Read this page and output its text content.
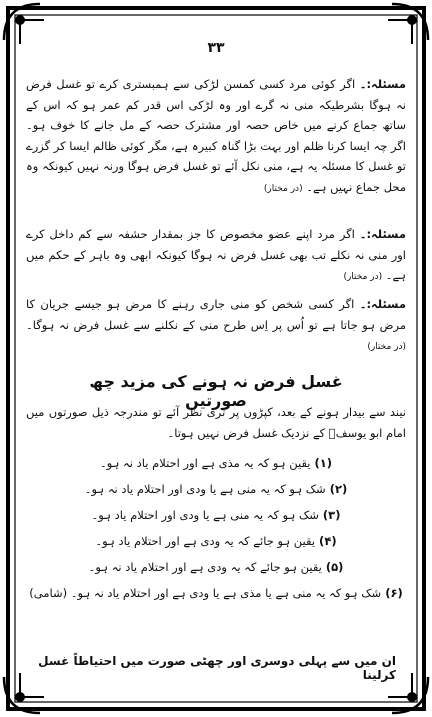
۳۳
مسئلہ:۔ اگر کوئی مرد کسی کمسن لڑکی سے ہمبستری کرے تو غسل فرض نہ ہوگا بشرطیکہ منی نہ گرے اور وہ لڑکی اس قدر کم عمر ہو کہ اس کے ساتھ جماع کرنے میں خاص حصہ اور مشترک حصہ کے مل جانے کا خوف ہو۔ اگر چہ ایسا کرنا ظلم اور بہت بڑا گناہ کبیرہ ہے، مگر کوئی ظالم ایسا کر گزرے تو غسل کا مسئلہ یہ ہے، منی نکل آئے تو غسل فرض ہوگا ورنہ نہیں کیونکہ وہ محل جماع نہیں ہے۔ (در مختار)
مسئلہ:۔ اگر مرد اپنے عضو مخصوص کا جز بمقدار حشفہ سے کم داخل کرے اور منی نہ نکلے تب بھی غسل فرض نہ ہوگا کیونکہ ابھی وہ باہر کے حکم میں ہے۔ (در مختار)
مسئلہ:۔ اگر کسی شخص کو منی جاری رہنے کا مرض ہو جیسے جریان کا مرض ہو جاتا ہے تو اُس پر اِس طرح منی کے نکلنے سے غسل فرض نہ ہوگا۔ (در مختار)
غسل فرض نہ ہونے کی مزید چھ صورتیں
نیند سے بیدار ہونے کے بعد، کپڑوں پر تری نظر آئے تو مندرجہ ذیل صورتوں میں امام ابو یوسفؒ کے نزدیک غسل فرض نہیں ہوتا۔
(۱)
یقین ہو کہ یہ مذی ہے اور احتلام یاد نہ ہو۔
(۲)
شک ہو کہ یہ منی ہے یا ودی اور احتلام یاد نہ ہو۔
(۳)
شک ہو کہ یہ منی ہے یا ودی اور احتلام یاد ہو۔
(۴)
یقین ہو جائے کہ یہ ودی ہے اور احتلام یاد ہو۔
(۵)
یقین ہو جائے کہ یہ ودی ہے اور احتلام یاد نہ ہو۔
(۶)
شک ہو کہ یہ منی ہے یا مذی ہے یا ودی ہے اور احتلام یاد نہ ہو۔ (شامی)
ان میں سے پہلی دوسری اور چھٹی صورت میں احتیاطاً غسل کرلینا
